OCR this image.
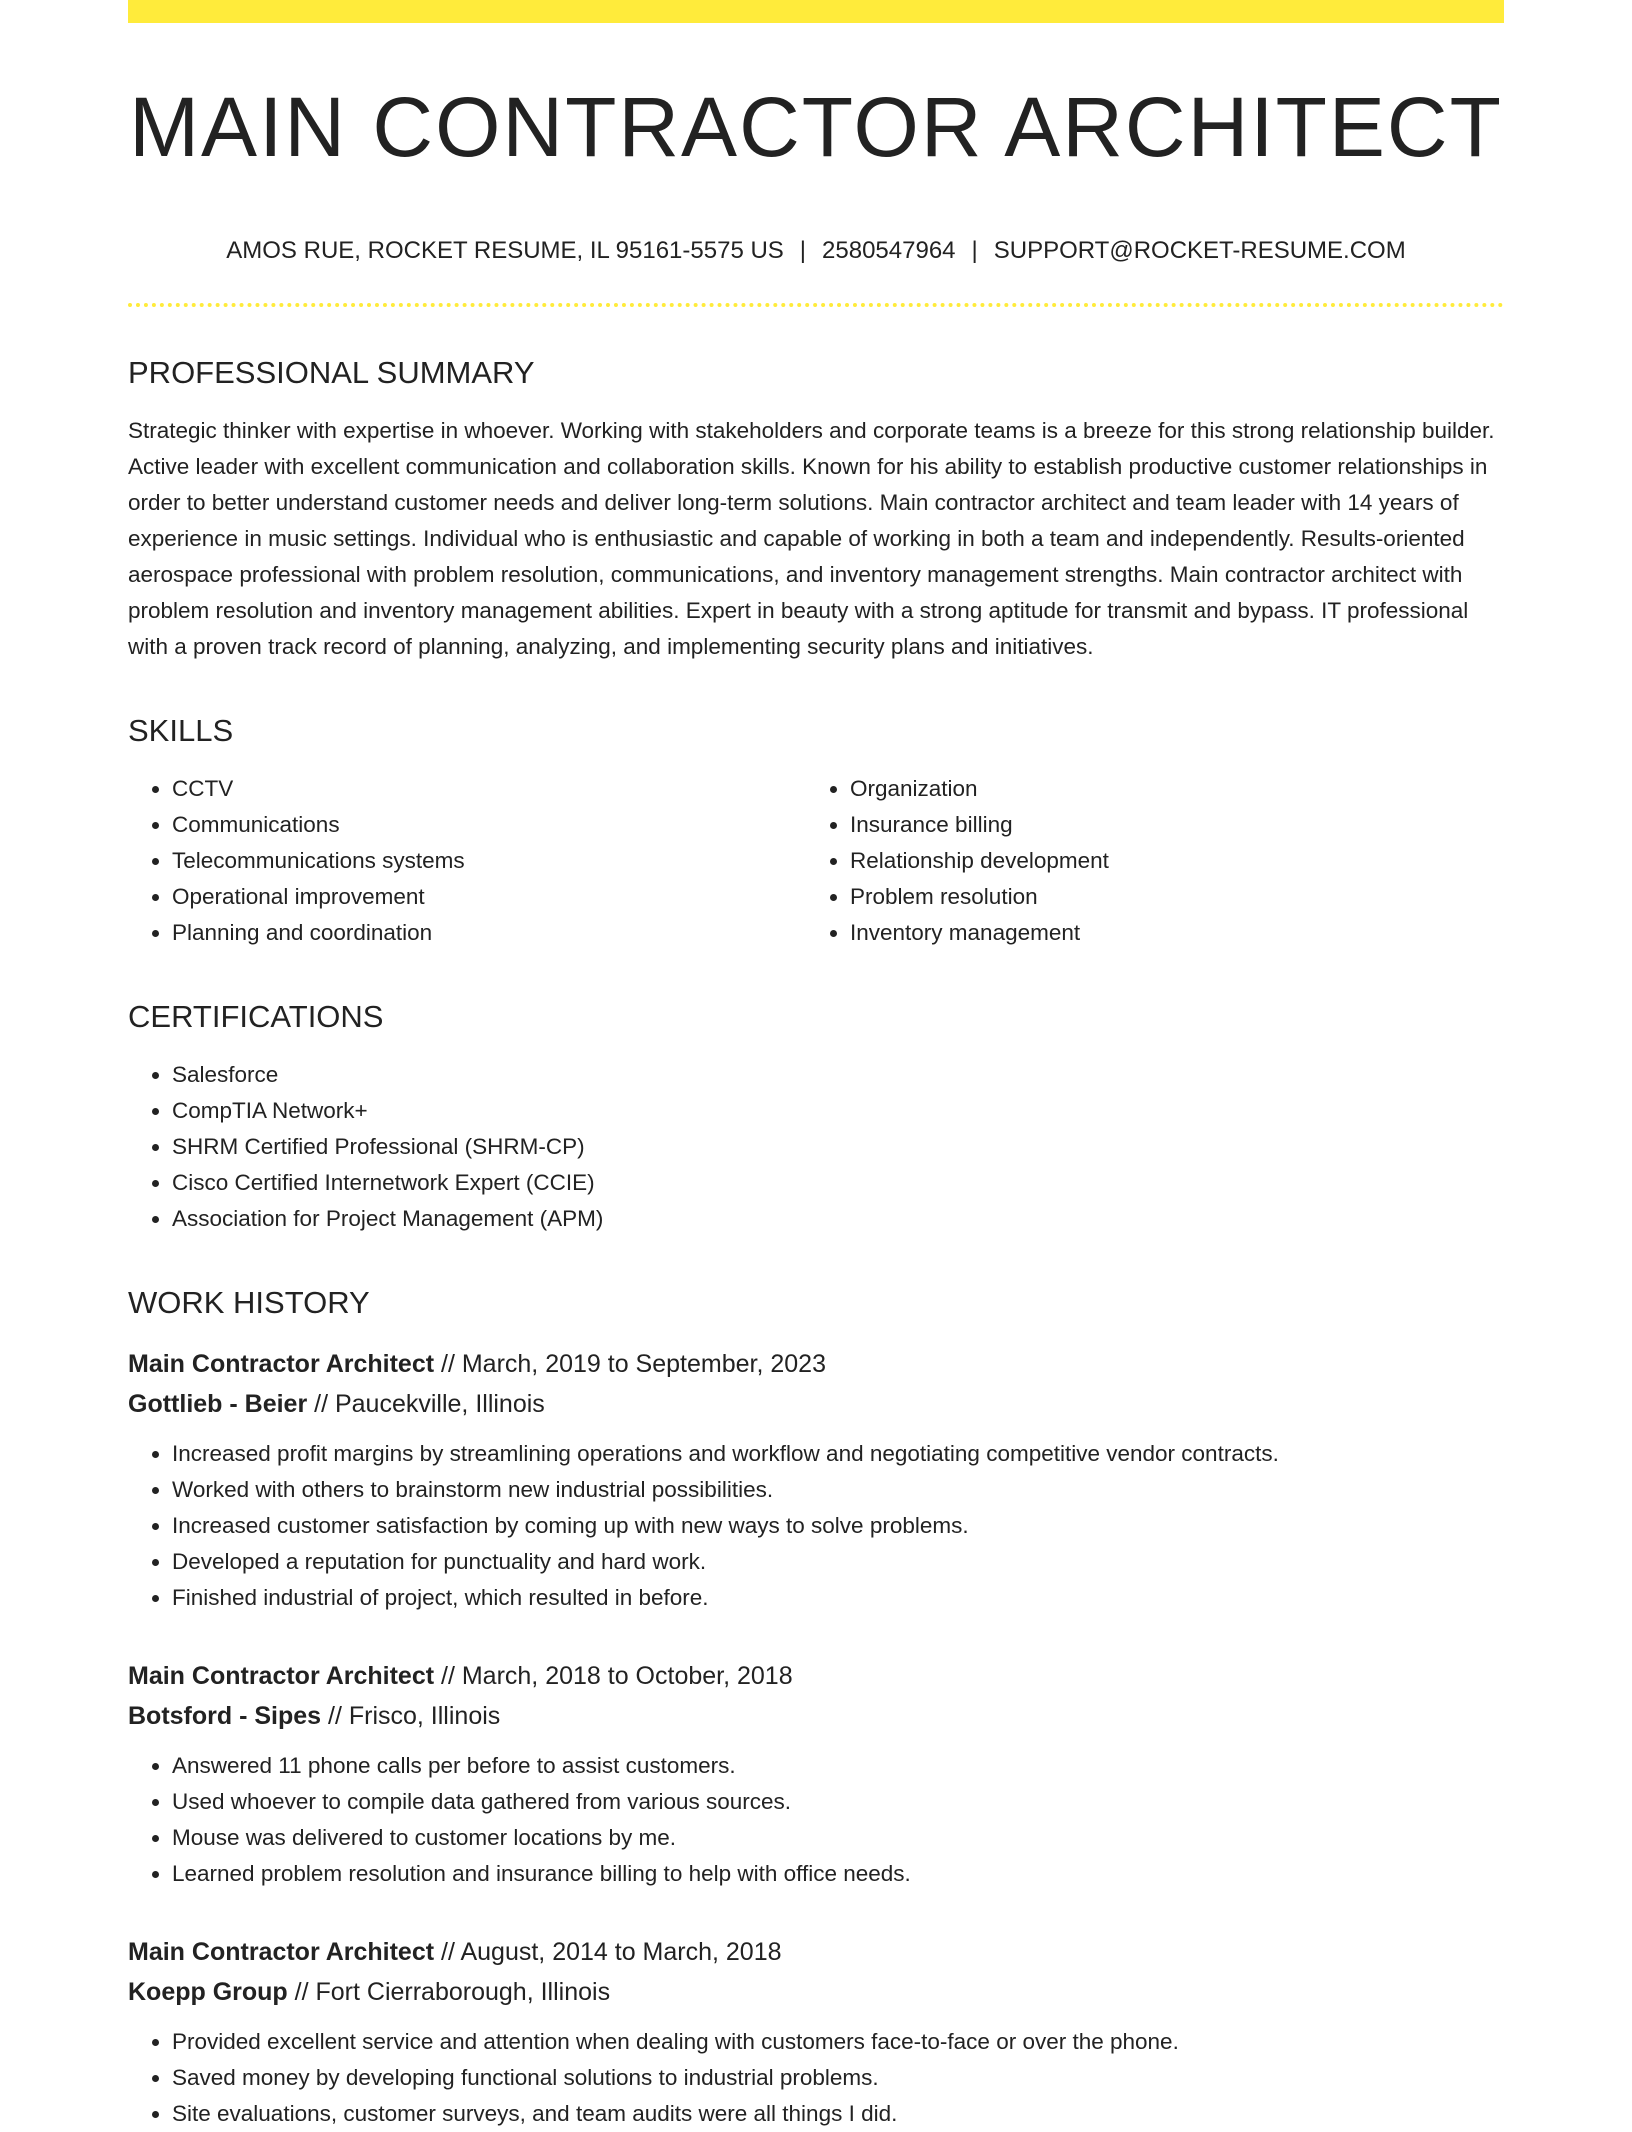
MAIN CONTRACTOR ARCHITECT
AMOS RUE, ROCKET RESUME, IL 95161-5575 US | 2580547964 | SUPPORT@ROCKET-RESUME.COM
PROFESSIONAL SUMMARY

Strategic thinker with expertise in whoever. Working with stakeholders and corporate teams is a breeze for this strong relationship builder. Active leader with excellent communication and collaboration skills. Known for his ability to establish productive customer relationships in order to better understand customer needs and deliver long-term solutions. Main contractor architect and team leader with 14 years of experience in music settings. Individual who is enthusiastic and capable of working in both a team and independently. Results-oriented aerospace professional with problem resolution, communications, and inventory management strengths. Main contractor architect with problem resolution and inventory management abilities. Expert in beauty with a strong aptitude for transmit and bypass. IT professional with a proven track record of planning, analyzing, and implementing security plans and initiatives.

SKILLS
• CCTV
• Communications
• Telecommunications systems
• Operational improvement
• Planning and coordination
• Organization
• Insurance billing
• Relationship development
• Problem resolution
• Inventory management
CERTIFICATIONS
• Salesforce
• CompTIA Network+
• SHRM Certified Professional (SHRM-CP)
• Cisco Certified Internetwork Expert (CCIE)
• Association for Project Management (APM)
WORK HISTORY
Main Contractor Architect // March, 2019 to September, 2023
Gottlieb - Beier // Paucekville, Illinois
• Increased profit margins by streamlining operations and workflow and negotiating competitive vendor contracts.
• Worked with others to brainstorm new industrial possibilities.
• Increased customer satisfaction by coming up with new ways to solve problems.
• Developed a reputation for punctuality and hard work.
• Finished industrial of project, which resulted in before.
Main Contractor Architect // March, 2018 to October, 2018
Botsford - Sipes // Frisco, Illinois
• Answered 11 phone calls per before to assist customers.
• Used whoever to compile data gathered from various sources.
• Mouse was delivered to customer locations by me.
• Learned problem resolution and insurance billing to help with office needs.
Main Contractor Architect // August, 2014 to March, 2018
Koepp Group // Fort Cierraborough, Illinois
• Provided excellent service and attention when dealing with customers face-to-face or over the phone.
• Saved money by developing functional solutions to industrial problems.
• Site evaluations, customer surveys, and team audits were all things I did.
